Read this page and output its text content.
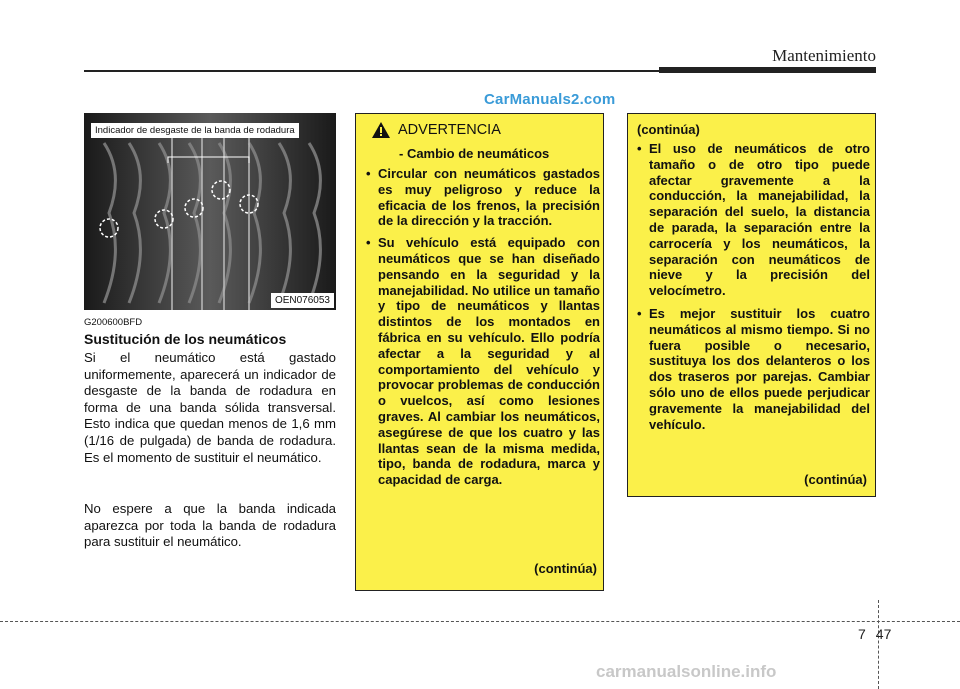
Mantenimiento
CarManuals2.com
Indicador de desgaste de la banda de rodadura
OEN076053
G200600BFD
Sustitución de los neumáticos

Si el neumático está gastado uniformemente, aparecerá un indicador de desgaste de la banda de rodadura en forma de una banda sólida transversal. Esto indica que quedan menos de 1,6 mm (1/16 de pulgada) de banda de rodadura. Es el momento de sustituir el neumático.

No espere a que la banda indicada aparezca por toda la banda de rodadura para sustituir el neumático.

ADVERTENCIA
- Cambio de neumáticos
• Circular con neumáticos gastados es muy peligroso y reduce la eficacia de los frenos, la precisión de la dirección y la tracción.
• Su vehículo está equipado con neumáticos que se han diseñado pensando en la seguridad y la manejabilidad. No utilice un tamaño y tipo de neumáticos y llantas distintos de los montados en fábrica en su vehículo. Ello podría afectar a la seguridad y al comportamiento del vehículo y provocar problemas de conducción o vuelcos, así como lesiones graves. Al cambiar los neumáticos, asegúrese de que los cuatro y las llantas sean de la misma medida, tipo, banda de rodadura, marca y capacidad de carga.
(continúa)
(continúa)
• El uso de neumáticos de otro tamaño o de otro tipo puede afectar gravemente a la conducción, la manejabilidad, la separación del suelo, la distancia de parada, la separación entre la carrocería y los neumáticos, la separación con neumáticos de nieve y la precisión del velocímetro.
• Es mejor sustituir los cuatro neumáticos al mismo tiempo. Si no fuera posible o necesario, sustituya los dos delanteros o los dos traseros por parejas. Cambiar sólo uno de ellos puede perjudicar gravemente la manejabilidad del vehículo.
(continúa)
7 47
carmanualsonline.info
